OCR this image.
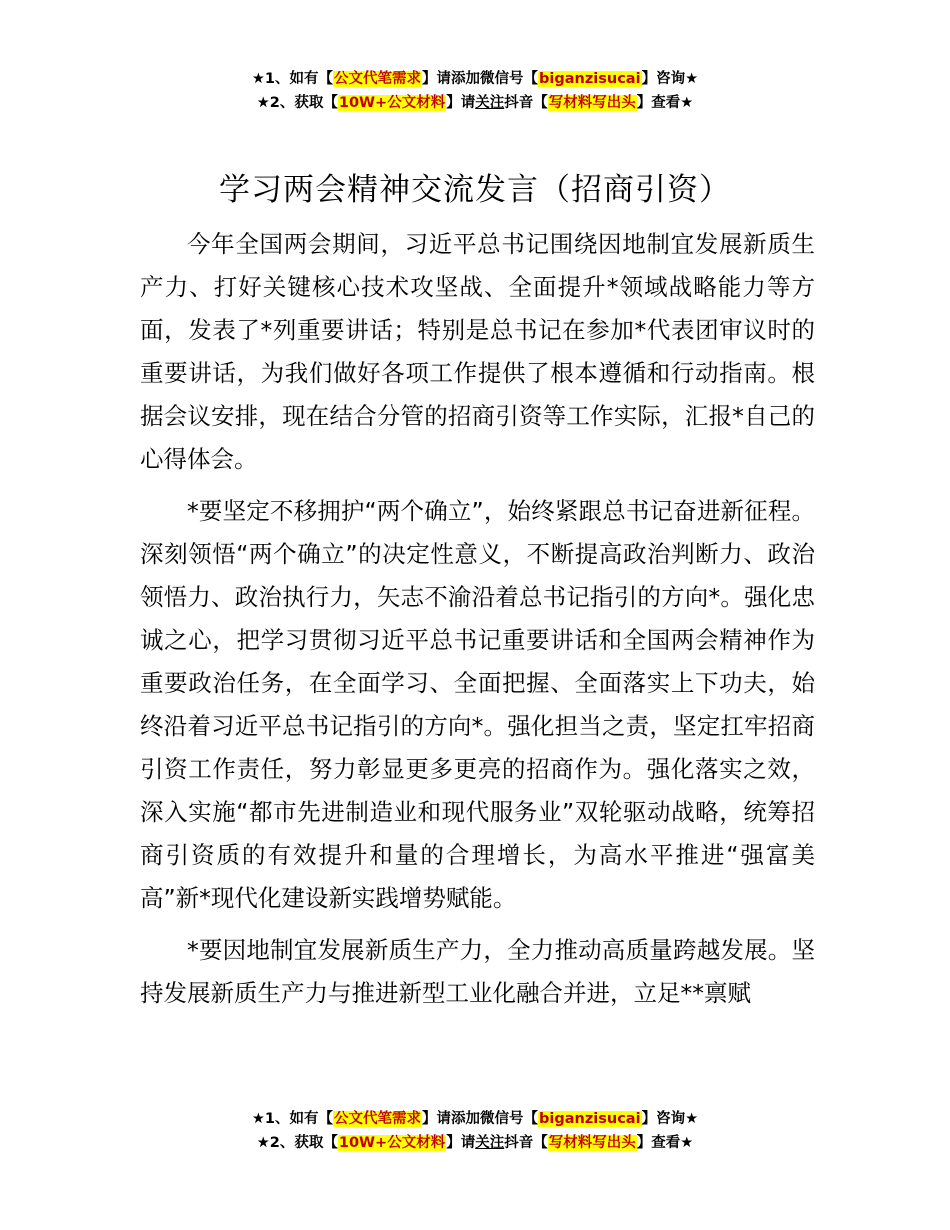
★1、如有【公文代笔需求】请添加微信号【biganzisucai】咨询★
★2、获取【10W+公文材料】请关注抖音【写材料写出头】查看★
学习两会精神交流发言（招商引资）

今年全国两会期间，习近平总书记围绕因地制宜发展新质生产力、打好关键核心技术攻坚战、全面提升*领域战略能力等方面，发表了*列重要讲话；特别是总书记在参加*代表团审议时的重要讲话，为我们做好各项工作提供了根本遵循和行动指南。根据会议安排，现在结合分管的招商引资等工作实际，汇报*自己的心得体会。

*要坚定不移拥护“两个确立”，始终紧跟总书记奋进新征程。深刻领悟“两个确立”的决定性意义，不断提高政治判断力、政治领悟力、政治执行力，矢志不渝沿着总书记指引的方向*。强化忠诚之心，把学习贯彻习近平总书记重要讲话和全国两会精神作为重要政治任务，在全面学习、全面把握、全面落实上下功夫，始终沿着习近平总书记指引的方向*。强化担当之责，坚定扛牢招商引资工作责任，努力彰显更多更亮的招商作为。强化落实之效，深入实施“都市先进制造业和现代服务业”双轮驱动战略，统筹招商引资质的有效提升和量的合理增长，为高水平推进“强富美高”新*现代化建设新实践增势赋能。

*要因地制宜发展新质生产力，全力推动高质量跨越发展。坚持发展新质生产力与推进新型工业化融合并进，立足**禀赋

★1、如有【公文代笔需求】请添加微信号【biganzisucai】咨询★
★2、获取【10W+公文材料】请关注抖音【写材料写出头】查看★
